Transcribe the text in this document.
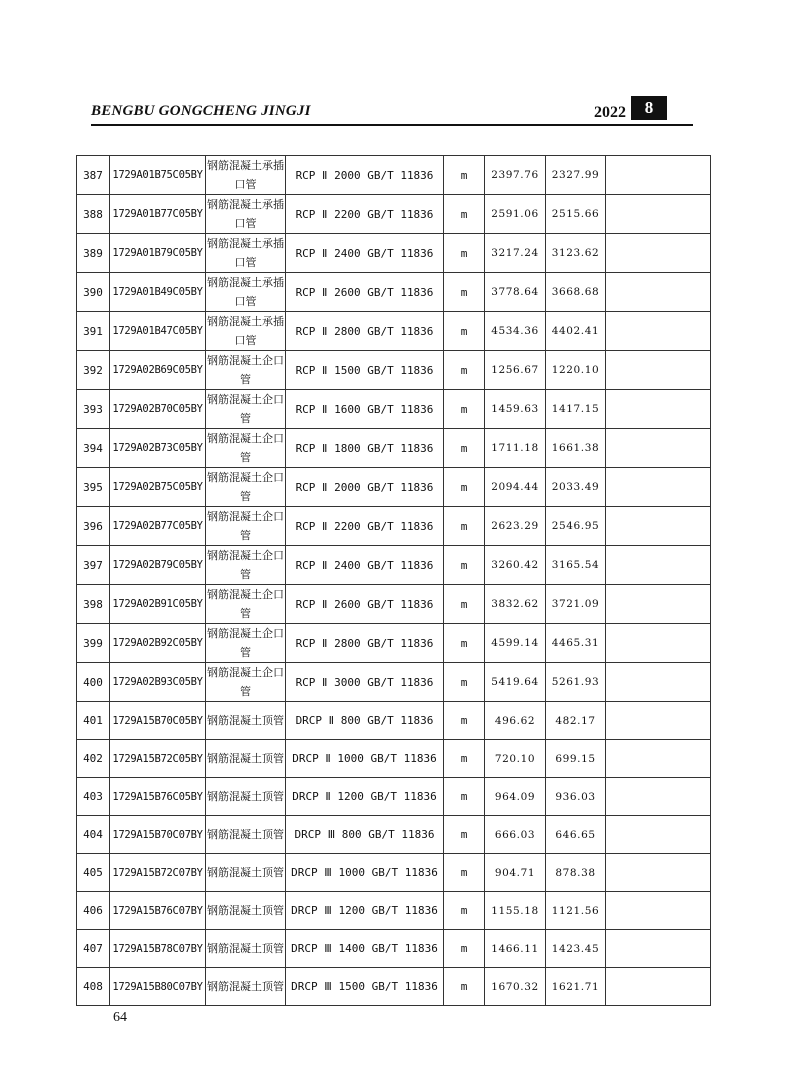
BENGBU GONGCHENG JINGJI	2022	8
387	1729A01B75C05BY	钢筋混凝土承插口管	RCP Ⅱ 2000 GB/T 11836	m	2397.76	2327.99	
388	1729A01B77C05BY	钢筋混凝土承插口管	RCP Ⅱ 2200 GB/T 11836	m	2591.06	2515.66	
389	1729A01B79C05BY	钢筋混凝土承插口管	RCP Ⅱ 2400 GB/T 11836	m	3217.24	3123.62	
390	1729A01B49C05BY	钢筋混凝土承插口管	RCP Ⅱ 2600 GB/T 11836	m	3778.64	3668.68	
391	1729A01B47C05BY	钢筋混凝土承插口管	RCP Ⅱ 2800 GB/T 11836	m	4534.36	4402.41	
392	1729A02B69C05BY	钢筋混凝土企口管	RCP Ⅱ 1500 GB/T 11836	m	1256.67	1220.10	
393	1729A02B70C05BY	钢筋混凝土企口管	RCP Ⅱ 1600 GB/T 11836	m	1459.63	1417.15	
394	1729A02B73C05BY	钢筋混凝土企口管	RCP Ⅱ 1800 GB/T 11836	m	1711.18	1661.38	
395	1729A02B75C05BY	钢筋混凝土企口管	RCP Ⅱ 2000 GB/T 11836	m	2094.44	2033.49	
396	1729A02B77C05BY	钢筋混凝土企口管	RCP Ⅱ 2200 GB/T 11836	m	2623.29	2546.95	
397	1729A02B79C05BY	钢筋混凝土企口管	RCP Ⅱ 2400 GB/T 11836	m	3260.42	3165.54	
398	1729A02B91C05BY	钢筋混凝土企口管	RCP Ⅱ 2600 GB/T 11836	m	3832.62	3721.09	
399	1729A02B92C05BY	钢筋混凝土企口管	RCP Ⅱ 2800 GB/T 11836	m	4599.14	4465.31	
400	1729A02B93C05BY	钢筋混凝土企口管	RCP Ⅱ 3000 GB/T 11836	m	5419.64	5261.93	
401	1729A15B70C05BY	钢筋混凝土顶管	DRCP Ⅱ 800 GB/T 11836	m	496.62	482.17	
402	1729A15B72C05BY	钢筋混凝土顶管	DRCP Ⅱ 1000 GB/T 11836	m	720.10	699.15	
403	1729A15B76C05BY	钢筋混凝土顶管	DRCP Ⅱ 1200 GB/T 11836	m	964.09	936.03	
404	1729A15B70C07BY	钢筋混凝土顶管	DRCP Ⅲ 800 GB/T 11836	m	666.03	646.65	
405	1729A15B72C07BY	钢筋混凝土顶管	DRCP Ⅲ 1000 GB/T 11836	m	904.71	878.38	
406	1729A15B76C07BY	钢筋混凝土顶管	DRCP Ⅲ 1200 GB/T 11836	m	1155.18	1121.56	
407	1729A15B78C07BY	钢筋混凝土顶管	DRCP Ⅲ 1400 GB/T 11836	m	1466.11	1423.45	
408	1729A15B80C07BY	钢筋混凝土顶管	DRCP Ⅲ 1500 GB/T 11836	m	1670.32	1621.71	
64
